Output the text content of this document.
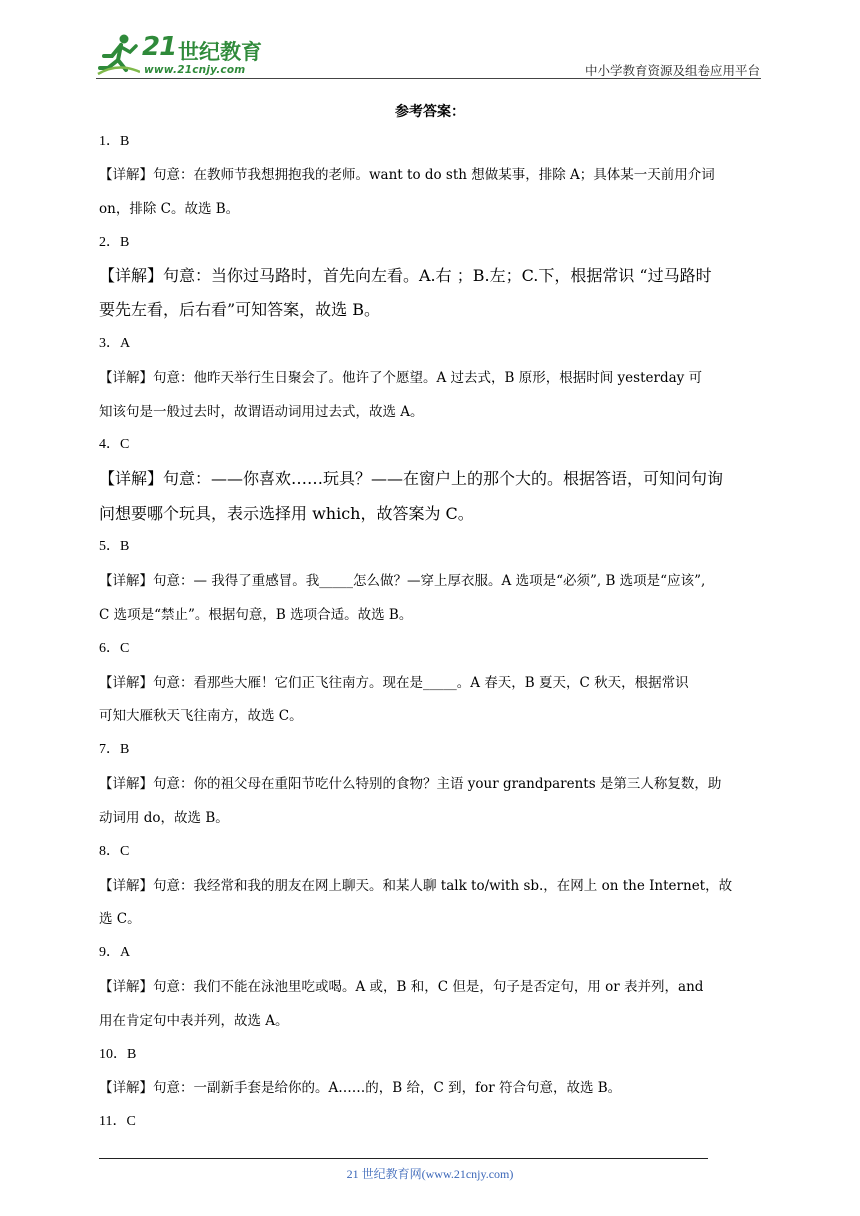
21 世纪教育
www.21cnjy.com	中小学教育资源及组卷应用平台
参考答案：
1．B
【详解】句意：在教师节我想拥抱我的老师。want to do sth 想做某事，排除 A；具体某一天前用介词
on，排除 C。故选 B。
2．B
【详解】句意：当你过马路时，首先向左看。A.右 ；B.左；C.下，根据常识 “过马路时
要先左看，后右看”可知答案，故选 B。
3．A
【详解】句意：他昨天举行生日聚会了。他许了个愿望。A 过去式，B 原形，根据时间 yesterday 可
知该句是一般过去时，故谓语动词用过去式，故选 A。
4．C
【详解】句意：——你喜欢……玩具？——在窗户上的那个大的。根据答语，可知问句询
问想要哪个玩具，表示选择用 which，故答案为 C。
5．B
【详解】句意：— 我得了重感冒。我_____怎么做？—穿上厚衣服。A 选项是“必须”, B 选项是“应该”,
C 选项是“禁止”。根据句意，B 选项合适。故选 B。
6．C
【详解】句意：看那些大雁！它们正飞往南方。现在是_____。A 春天，B 夏天，C 秋天，根据常识
可知大雁秋天飞往南方，故选 C。
7．B
【详解】句意：你的祖父母在重阳节吃什么特别的食物？主语 your grandparents 是第三人称复数，助
动词用 do，故选 B。
8．C
【详解】句意：我经常和我的朋友在网上聊天。和某人聊 talk to/with sb.，在网上 on the Internet，故
选 C。
9．A
【详解】句意：我们不能在泳池里吃或喝。A 或，B 和，C 但是，句子是否定句，用 or 表并列，and
用在肯定句中表并列，故选 A。
10．B
【详解】句意：一副新手套是给你的。A……的，B 给，C 到，for 符合句意，故选 B。
11．C
21 世纪教育网(www.21cnjy.com)
